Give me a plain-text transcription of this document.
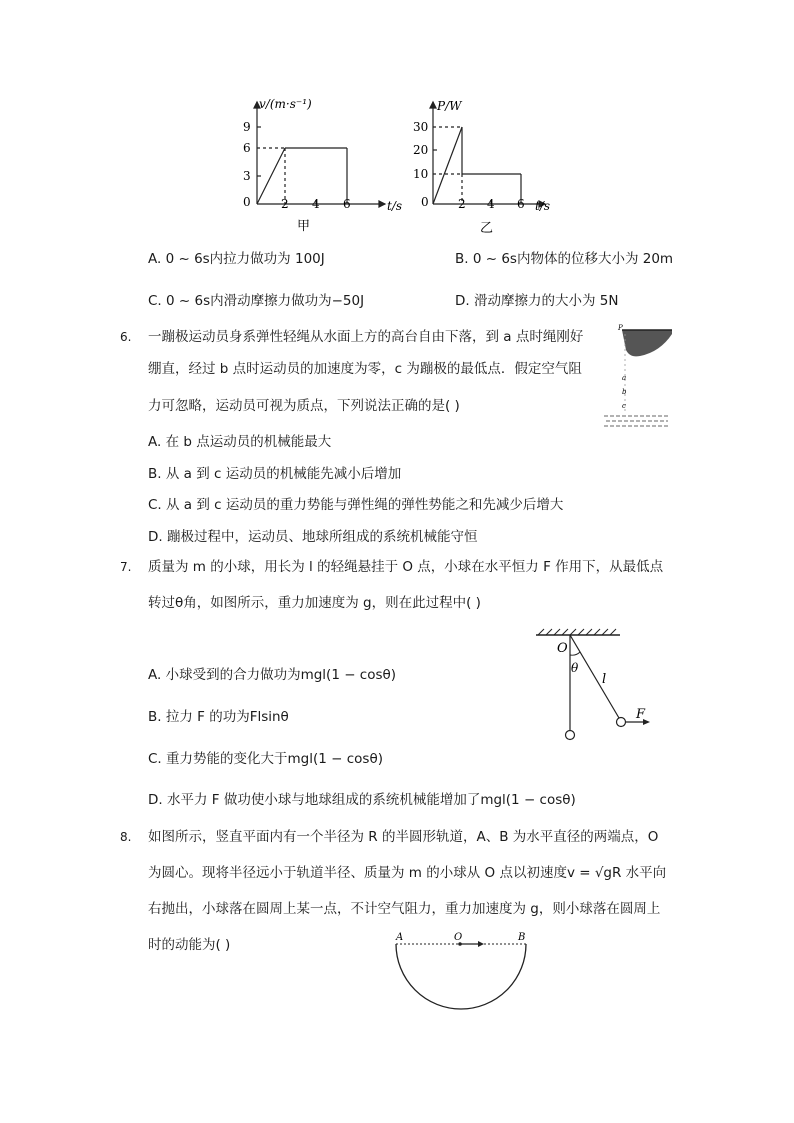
v/(m·s⁻¹)
t/s
9
6
3
0	2 4 6
甲
P/W
t/s
30
20
10
0 2 4 6
乙
A. 0 ~ 6s内拉力做功为 100J	B. 0 ~ 6s内物体的位移大小为 20m
C. 0 ~ 6s内滑动摩擦力做功为−50J	D. 滑动摩擦力的大小为 5N
6. 一蹦极运动员身系弹性轻绳从水面上方的高台自由下落，到 a 点时绳刚好
绷直，经过 b 点时运动员的加速度为零，c 为蹦极的最低点．假定空气阻
力可忽略，运动员可视为质点，下列说法正确的是( )
A. 在 b 点运动员的机械能最大
B. 从 a 到 c 运动员的机械能先减小后增加
C. 从 a 到 c 运动员的重力势能与弹性绳的弹性势能之和先减少后增大
D. 蹦极过程中，运动员、地球所组成的系统机械能守恒
P
a
b
c
7. 质量为 m 的小球，用长为 l 的轻绳悬挂于 O 点，小球在水平恒力 F 作用下，从最低点
转过θ角，如图所示，重力加速度为 g，则在此过程中( )
A. 小球受到的合力做功为mgl(1 − cosθ)
B. 拉力 F 的功为Flsinθ
C. 重力势能的变化大于mgl(1 − cosθ)
D. 水平力 F 做功使小球与地球组成的系统机械能增加了mgl(1 − cosθ)
O
θ
l
F
8. 如图所示，竖直平面内有一个半径为 R 的半圆形轨道，A、B 为水平直径的两端点，O
为圆心。现将半径远小于轨道半径、质量为 m 的小球从 O 点以初速度v = √gR 水平向
右抛出，小球落在圆周上某一点，不计空气阻力，重力加速度为 g，则小球落在圆周上
时的动能为( )	A	O	B
